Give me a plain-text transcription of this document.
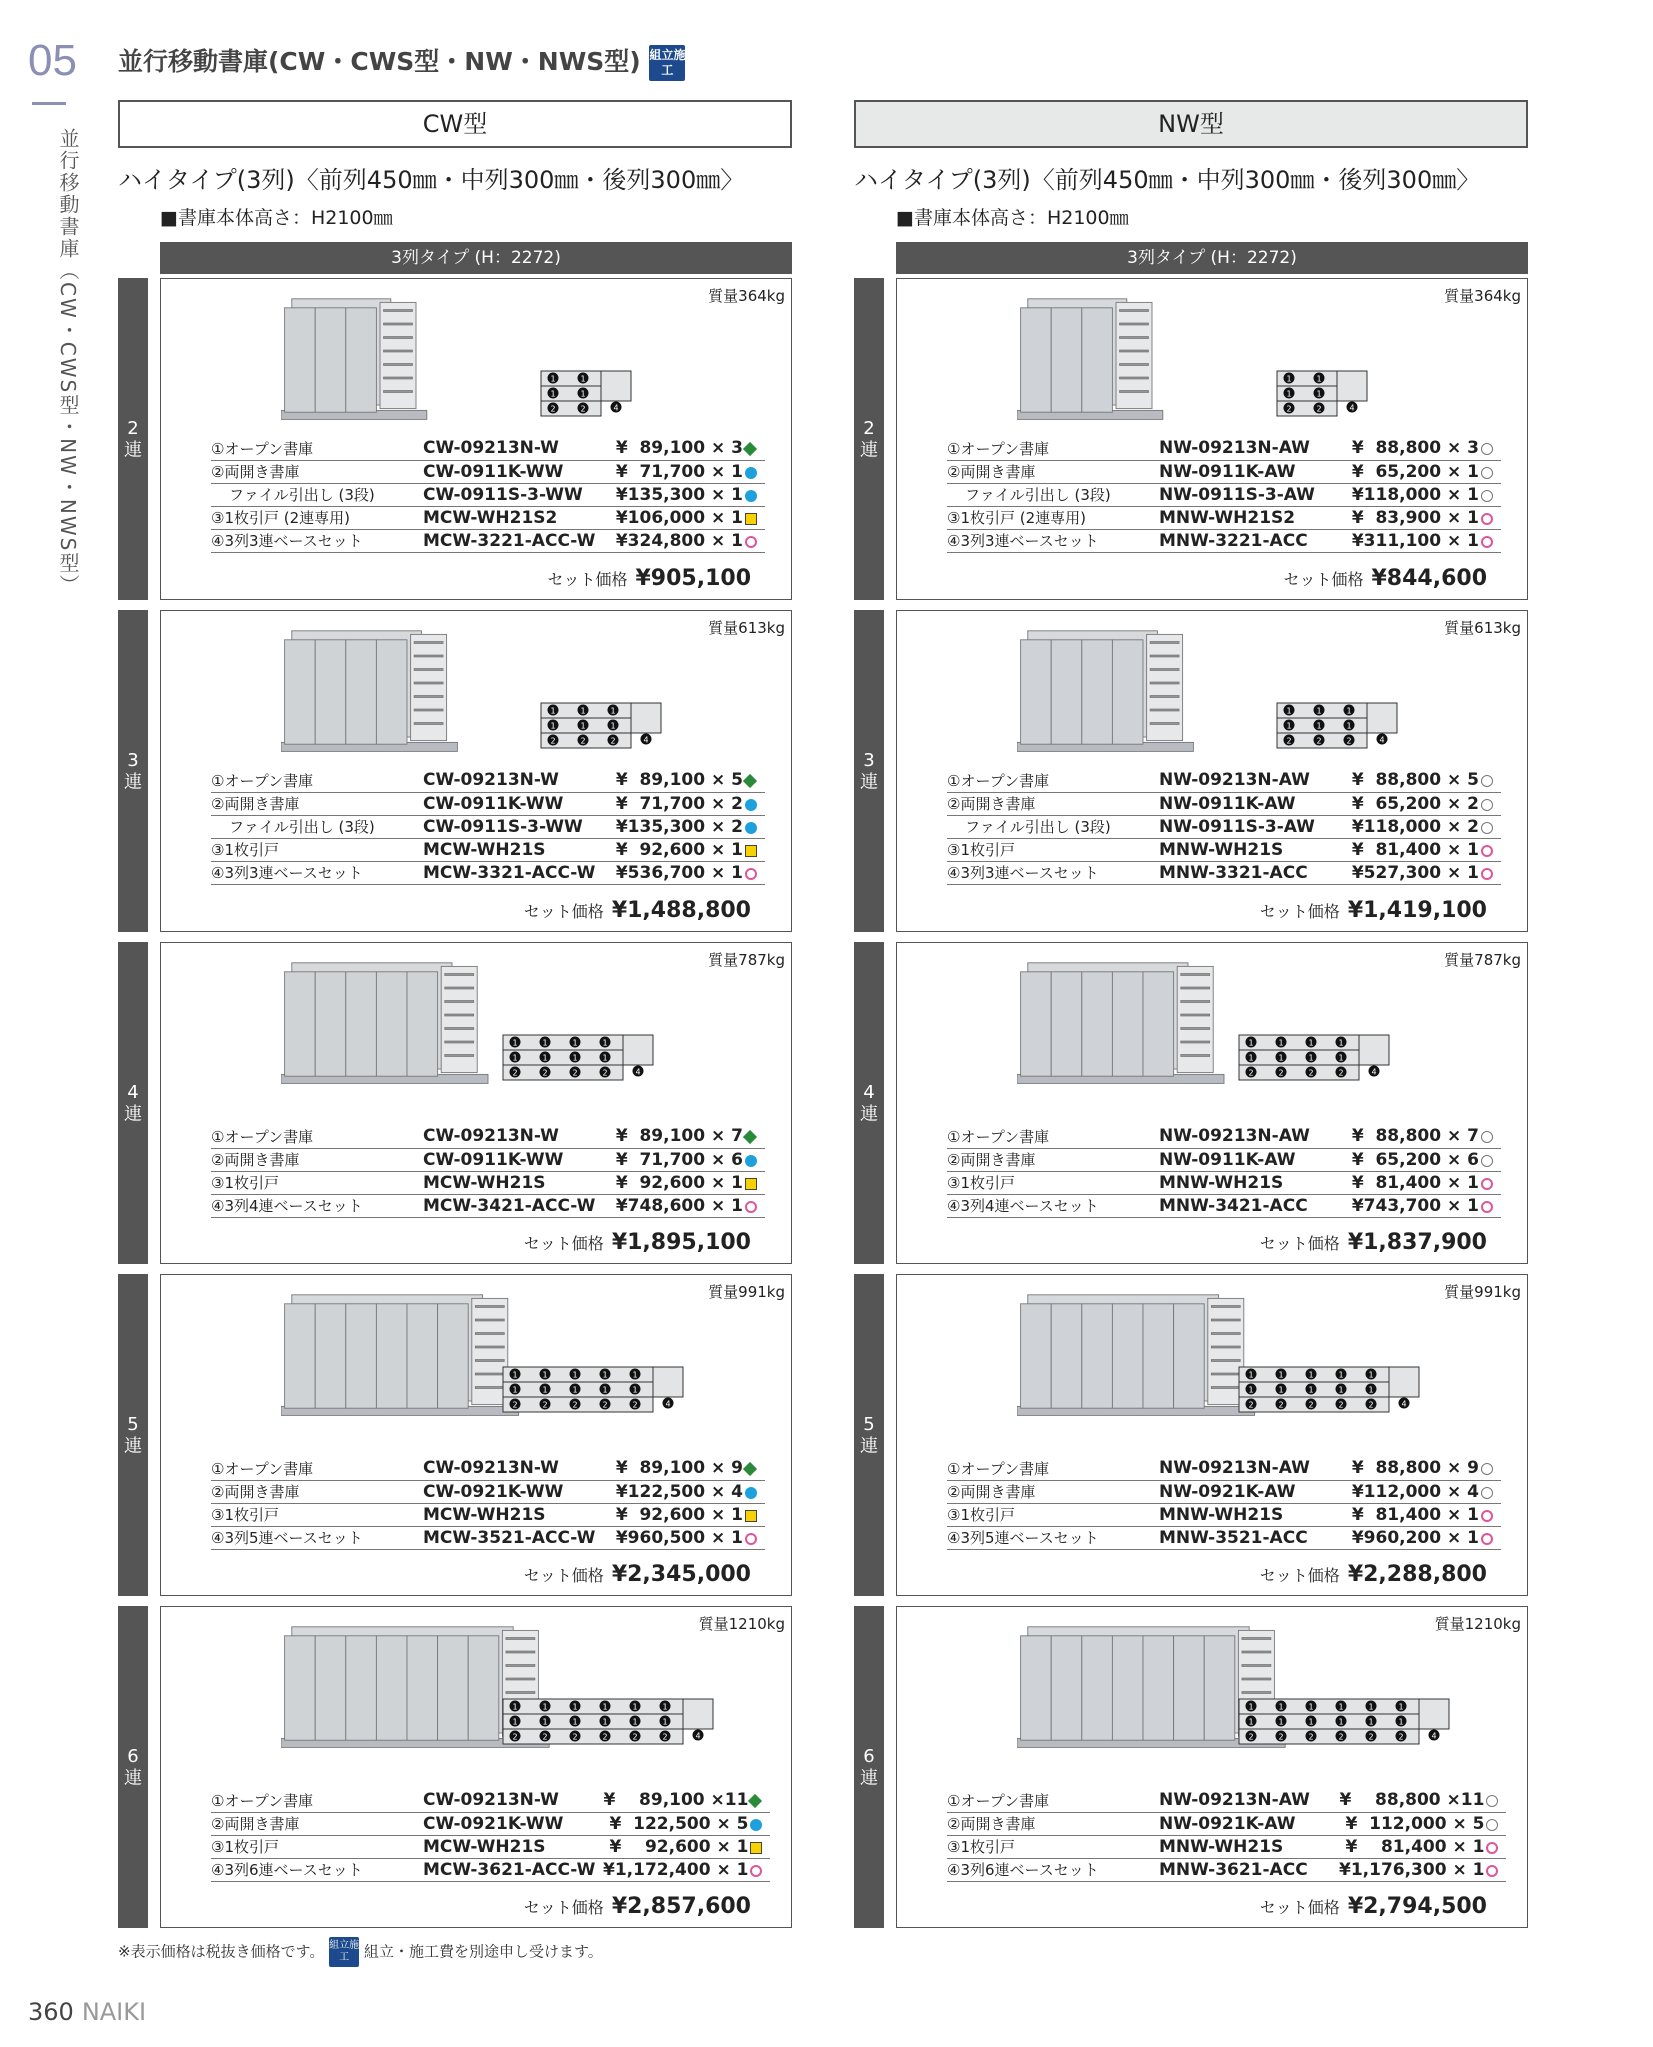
05
並行移動書庫（CW・CWS型・NW・NWS型）
並行移動書庫(CW・CWS型・NW・NWS型) 組立施工
CW型
ハイタイプ(3列)〈前列450㎜・中列300㎜・後列300㎜〉
■書庫本体高さ：H2100㎜
3列タイプ (H：2272)
2
連
質量364kg
1
1
2
1
1
2	4
①オープン書庫	CW-09213N-W	¥  89,100 × 3	
②両開き書庫	CW-0911K-WW	¥  71,700 × 1	
ファイル引出し (3段)	CW-0911S-3-WW	¥135,300 × 1	
③1枚引戸 (2連専用)	MCW-WH21S2	¥106,000 × 1	
④3列3連ベースセット	MCW-3221-ACC-W	¥324,800 × 1	
セット価格 ¥905,100
3
連
質量613kg
1
1
2
1
1
2
1
1
2	4
①オープン書庫	CW-09213N-W	¥  89,100 × 5	
②両開き書庫	CW-0911K-WW	¥  71,700 × 2	
ファイル引出し (3段)	CW-0911S-3-WW	¥135,300 × 2	
③1枚引戸	MCW-WH21S	¥  92,600 × 1	
④3列3連ベースセット	MCW-3321-ACC-W	¥536,700 × 1	
セット価格 ¥1,488,800
4
連
質量787kg
1
1
2
1
1
2
1
1
2
1
1
2	4
①オープン書庫	CW-09213N-W	¥  89,100 × 7	
②両開き書庫	CW-0911K-WW	¥  71,700 × 6	
③1枚引戸	MCW-WH21S	¥  92,600 × 1	
④3列4連ベースセット	MCW-3421-ACC-W	¥748,600 × 1	
セット価格 ¥1,895,100
5
連
質量991kg
1
1
2
1
1
2
1
1
2
1
1
2
1
1
2	4
①オープン書庫	CW-09213N-W	¥  89,100 × 9	
②両開き書庫	CW-0921K-WW	¥122,500 × 4	
③1枚引戸	MCW-WH21S	¥  92,600 × 1	
④3列5連ベースセット	MCW-3521-ACC-W	¥960,500 × 1	
セット価格 ¥2,345,000
6
連
質量1210kg
1
1
2
1
1
2
1
1
2
1
1
2
1
1
2
1
1
2	4
①オープン書庫	CW-09213N-W	¥    89,100 ×11	
②両開き書庫	CW-0921K-WW	¥  122,500 × 5	
③1枚引戸	MCW-WH21S	¥    92,600 × 1	
④3列6連ベースセット	MCW-3621-ACC-W	¥1,172,400 × 1	
セット価格 ¥2,857,600
NW型
ハイタイプ(3列)〈前列450㎜・中列300㎜・後列300㎜〉
■書庫本体高さ：H2100㎜
3列タイプ (H：2272)
2
連
質量364kg
1
1
2
1
1
2	4
①オープン書庫	NW-09213N-AW	¥  88,800 × 3	
②両開き書庫	NW-0911K-AW	¥  65,200 × 1	
ファイル引出し (3段)	NW-0911S-3-AW	¥118,000 × 1	
③1枚引戸 (2連専用)	MNW-WH21S2	¥  83,900 × 1	
④3列3連ベースセット	MNW-3221-ACC	¥311,100 × 1	
セット価格 ¥844,600
3
連
質量613kg
1
1
2
1
1
2
1
1
2	4
①オープン書庫	NW-09213N-AW	¥  88,800 × 5	
②両開き書庫	NW-0911K-AW	¥  65,200 × 2	
ファイル引出し (3段)	NW-0911S-3-AW	¥118,000 × 2	
③1枚引戸	MNW-WH21S	¥  81,400 × 1	
④3列3連ベースセット	MNW-3321-ACC	¥527,300 × 1	
セット価格 ¥1,419,100
4
連
質量787kg
1
1
2
1
1
2
1
1
2
1
1
2	4
①オープン書庫	NW-09213N-AW	¥  88,800 × 7	
②両開き書庫	NW-0911K-AW	¥  65,200 × 6	
③1枚引戸	MNW-WH21S	¥  81,400 × 1	
④3列4連ベースセット	MNW-3421-ACC	¥743,700 × 1	
セット価格 ¥1,837,900
5
連
質量991kg
1
1
2
1
1
2
1
1
2
1
1
2
1
1
2	4
①オープン書庫	NW-09213N-AW	¥  88,800 × 9	
②両開き書庫	NW-0921K-AW	¥112,000 × 4	
③1枚引戸	MNW-WH21S	¥  81,400 × 1	
④3列5連ベースセット	MNW-3521-ACC	¥960,200 × 1	
セット価格 ¥2,288,800
6
連
質量1210kg
1
1
2
1
1
2
1
1
2
1
1
2
1
1
2
1
1
2	4
①オープン書庫	NW-09213N-AW	¥    88,800 ×11	
②両開き書庫	NW-0921K-AW	¥  112,000 × 5	
③1枚引戸	MNW-WH21S	¥    81,400 × 1	
④3列6連ベースセット	MNW-3621-ACC	¥1,176,300 × 1	
セット価格 ¥2,794,500
※表示価格は税抜き価格です。 組立施工 組立・施工費を別途申し受けます。
360 NAIKI
